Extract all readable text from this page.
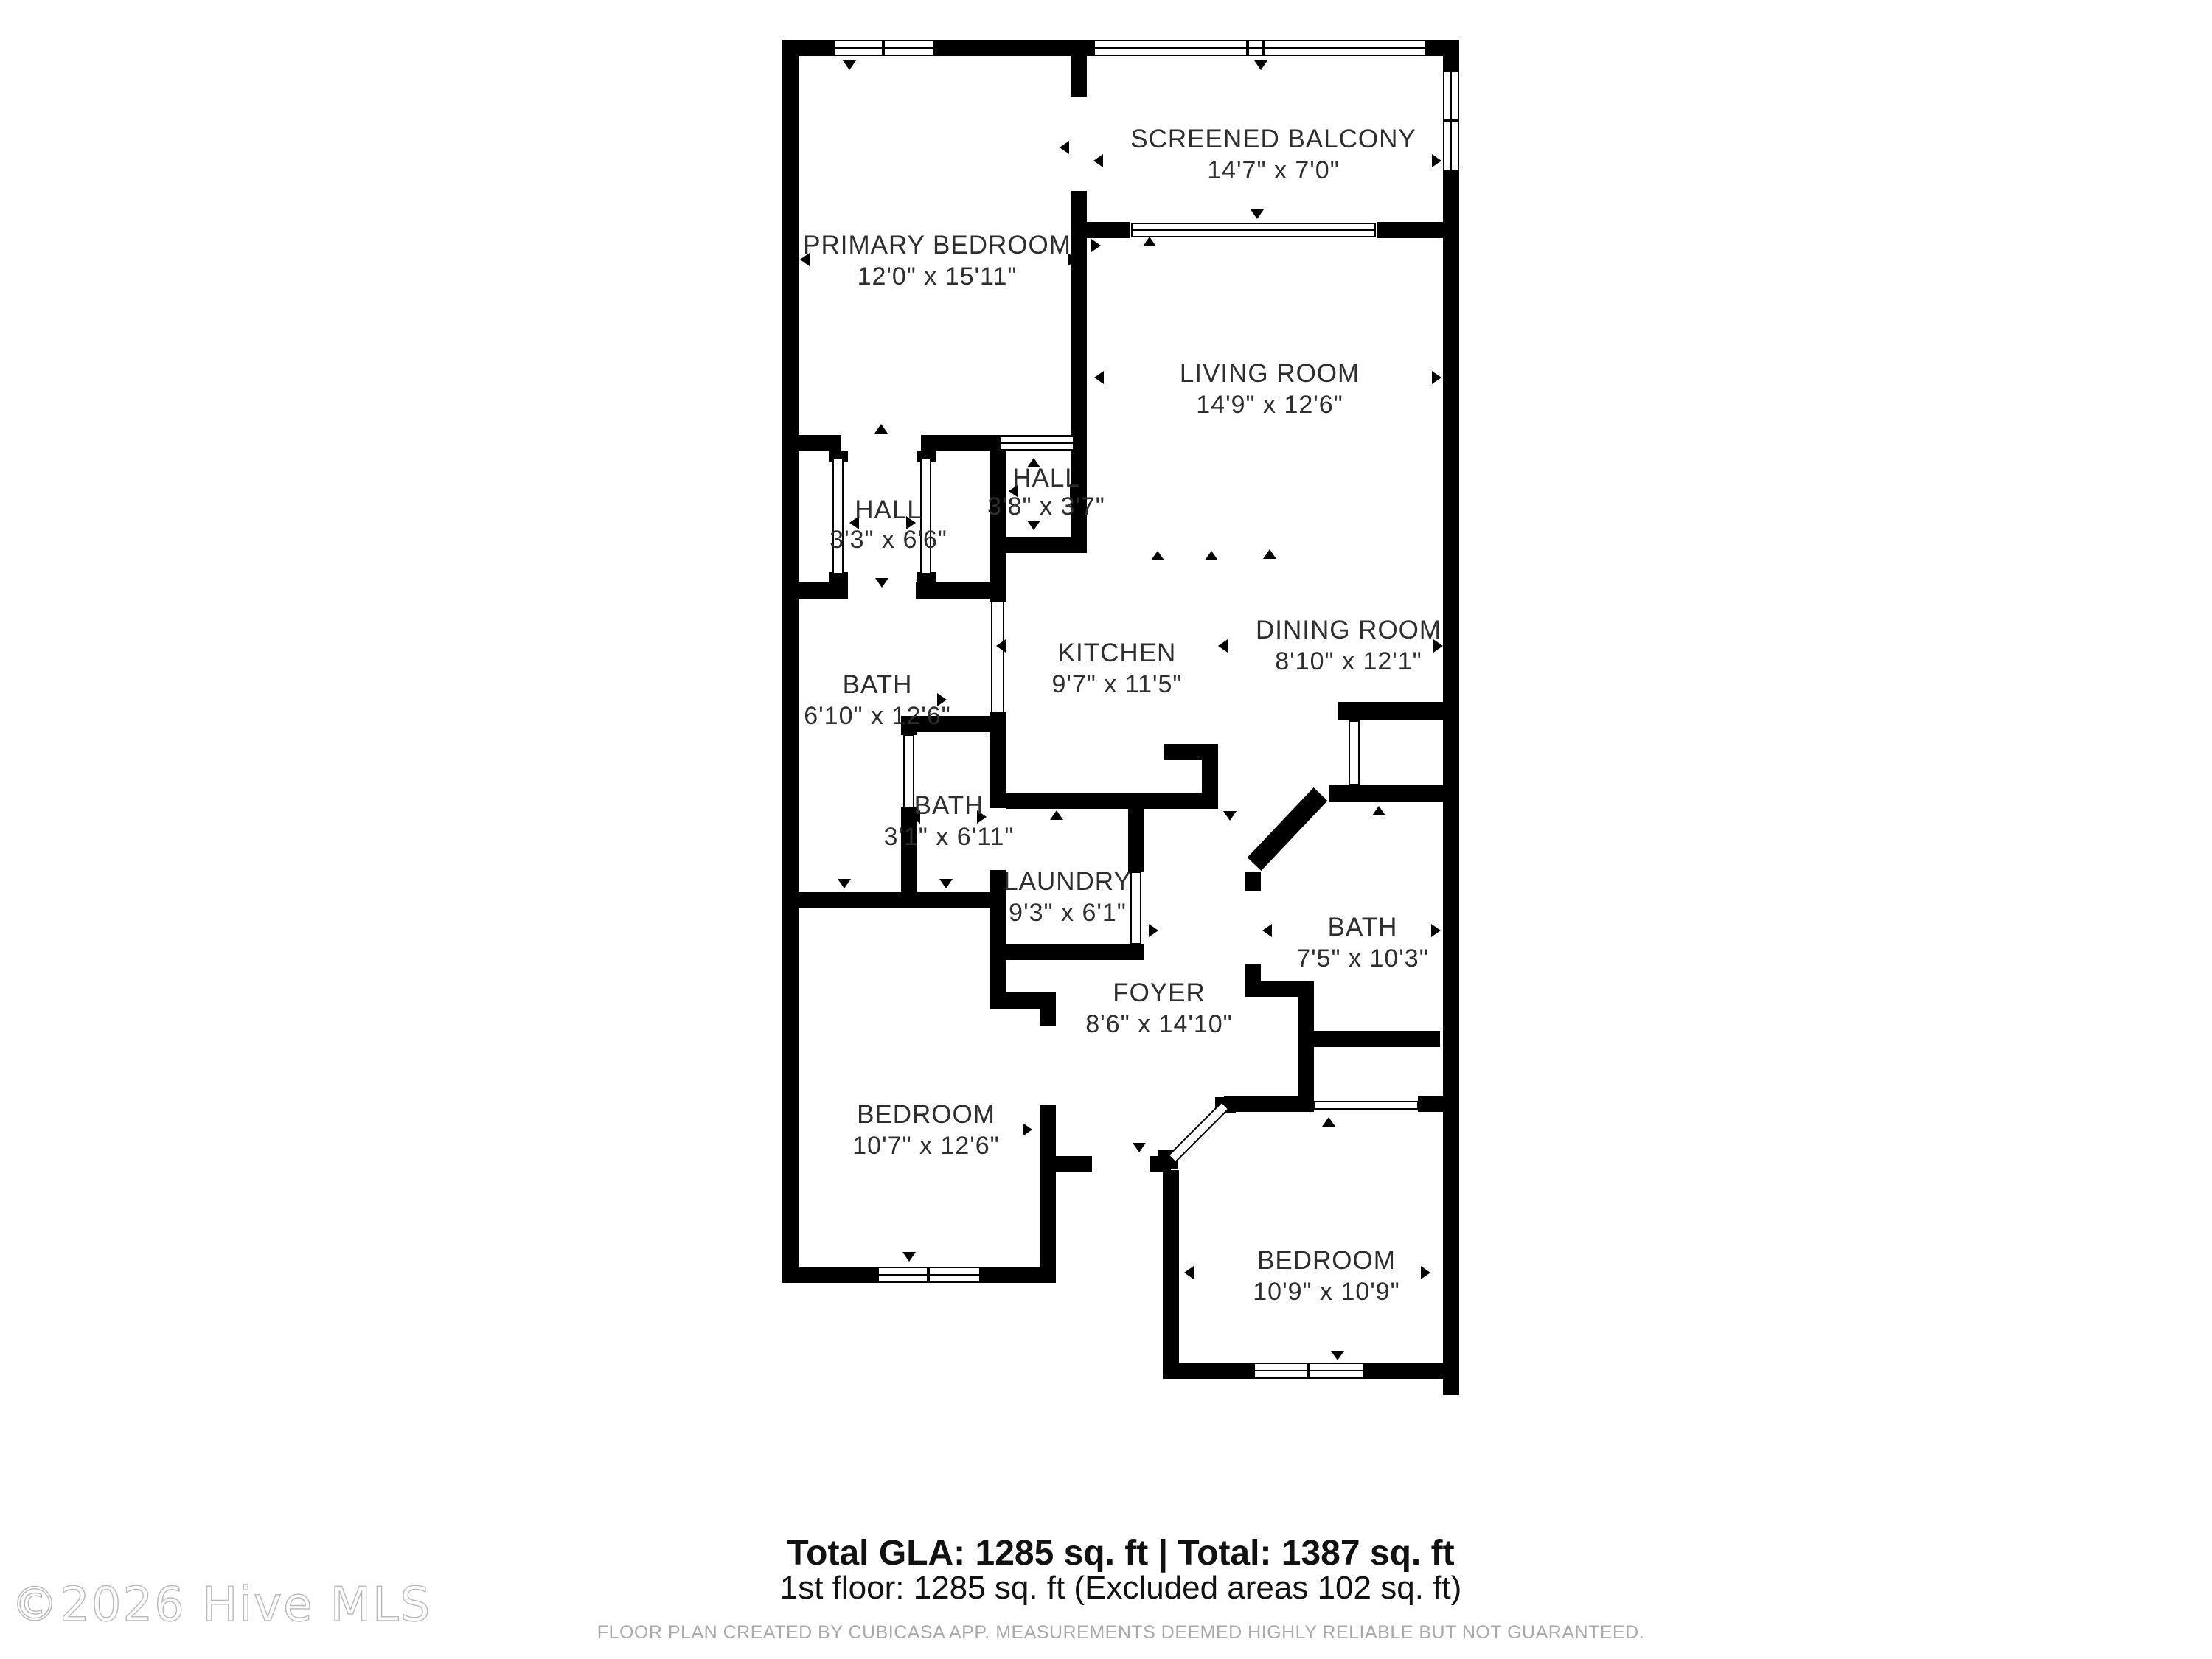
SCREENED BALCONY
14'7" x 7'0"
PRIMARY BEDROOM
12'0" x 15'11"
LIVING ROOM
14'9" x 12'6"
HALL
3'8" x 3'7"
HALL
3'3" x 6'6"
KITCHEN
9'7" x 11'5"
DINING ROOM
8'10" x 12'1"
BATH
6'10" x 12'6"
BATH
3'1" x 6'11"
LAUNDRY
9'3" x 6'1"	BATH
7'5" x 10'3"
FOYER
8'6" x 14'10"
BEDROOM
10'7" x 12'6"
BEDROOM
10'9" x 10'9"
Total GLA: 1285 sq. ft | Total: 1387 sq. ft
1st floor: 1285 sq. ft (Excluded areas 102 sq. ft)
FLOOR PLAN CREATED BY CUBICASA APP. MEASUREMENTS DEEMED HIGHLY RELIABLE BUT NOT GUARANTEED.
©2026 Hive MLS
